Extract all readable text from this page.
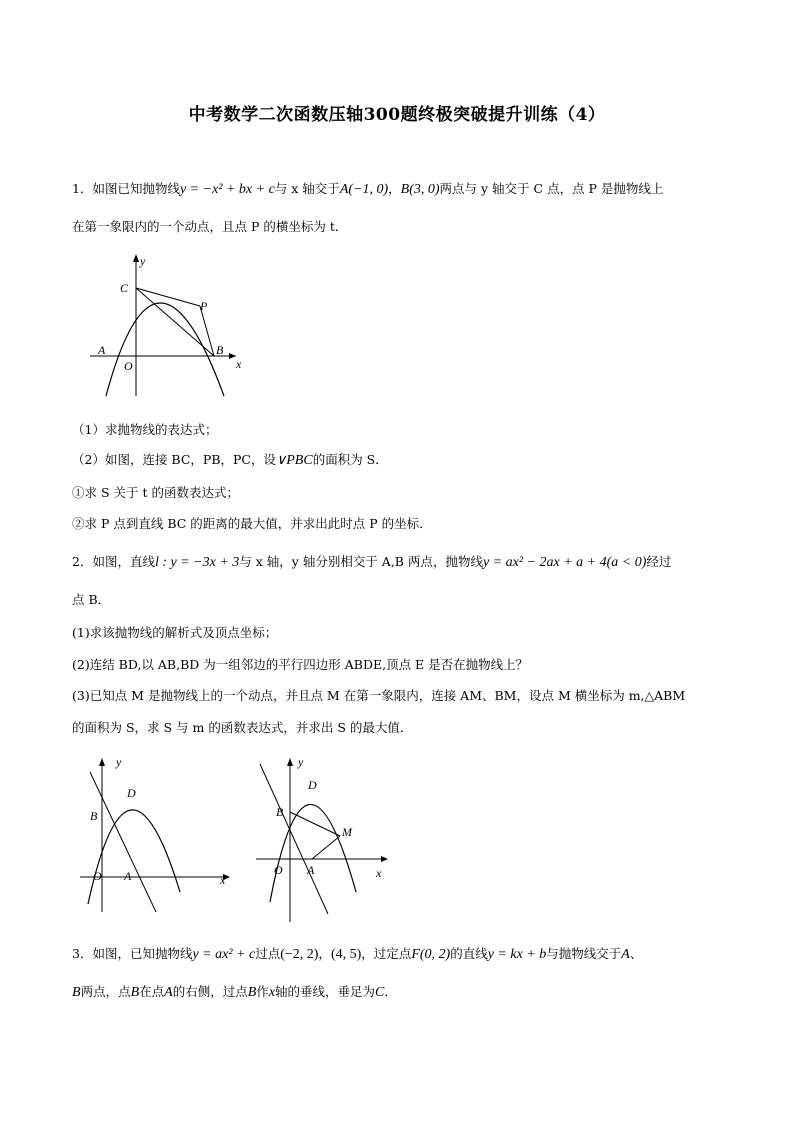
中考数学二次函数压轴300题终极突破提升训练（4）
1．如图已知抛物线y = −x² + bx + c与 x 轴交于A(−1, 0)，B(3, 0)两点与 y 轴交于 C 点，点 P 是抛物线上
在第一象限内的一个动点，且点 P 的横坐标为 t．
y
x
C
P
A
O
B
（1）求抛物线的表达式；
（2）如图，连接 BC，PB，PC，设∨PBC的面积为 S．
①求 S 关于 t 的函数表达式；
②求 P 点到直线 BC 的距离的最大值，并求出此时点 P 的坐标．
2．如图，直线l : y = −3x + 3与 x 轴，y 轴分别相交于 A,B 两点，抛物线y = ax² − 2ax + a + 4(a < 0)经过
点 B．
(1)求该抛物线的解析式及顶点坐标；
(2)连结 BD,以 AB,BD 为一组邻边的平行四边形 ABDE,顶点 E 是否在抛物线上？
(3)已知点 M 是抛物线上的一个动点，并且点 M 在第一象限内，连接 AM、BM，设点 M 横坐标为 m,△ABM
的面积为 S，求 S 与 m 的函数表达式，并求出 S 的最大值．
y
x
D
B
O A
y
x
D
B
M
O A
3．如图，已知抛物线y = ax² + c过点(−2, 2)，(4, 5)，过定点F(0, 2)的直线y = kx + b与抛物线交于A、
B两点，点B在点A的右侧，过点B作x轴的垂线，垂足为C．
